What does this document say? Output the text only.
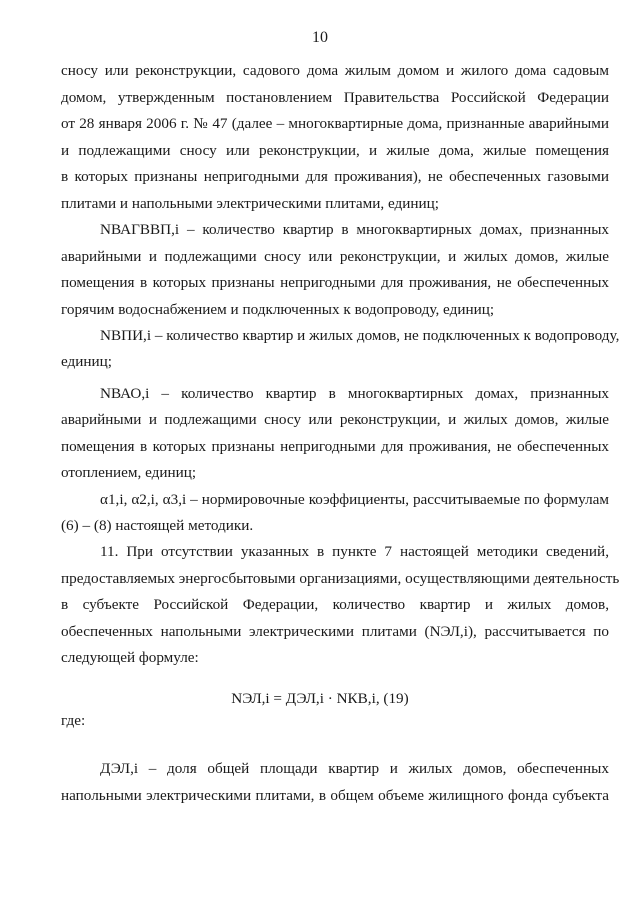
10
сносу или реконструкции, садового дома жилым домом и жилого дома садовым
домом, утвержденным постановлением Правительства Российской Федерации
от 28 января 2006 г. № 47 (далее – многоквартирные дома, признанные аварийными
и подлежащими сносу или реконструкции, и жилые дома, жилые помещения
в которых признаны непригодными для проживания), не обеспеченных газовыми
плитами и напольными электрическими плитами, единиц;
NВАГВВП,i – количество квартир в многоквартирных домах, признанных
аварийными и подлежащими сносу или реконструкции, и жилых домов, жилые
помещения в которых признаны непригодными для проживания, не обеспеченных
горячим водоснабжением и подключенных к водопроводу, единиц;
NВПИ,i – количество квартир и жилых домов, не подключенных к водопроводу,
единиц;
NВАО,i – количество квартир в многоквартирных домах, признанных
аварийными и подлежащими сносу или реконструкции, и жилых домов, жилые
помещения в которых признаны непригодными для проживания, не обеспеченных
отоплением, единиц;
α1,i, α2,i, α3,i – нормировочные коэффициенты, рассчитываемые по формулам
(6) – (8) настоящей методики.
11. При отсутствии указанных в пункте 7 настоящей методики сведений,
предоставляемых энергосбытовыми организациями, осуществляющими деятельность
в субъекте Российской Федерации, количество квартир и жилых домов,
обеспеченных напольными электрическими плитами (NЭЛ,i), рассчитывается по
следующей формуле:
NЭЛ,i = ДЭЛ,i · NКВ,i, (19)
где:
ДЭЛ,i – доля общей площади квартир и жилых домов, обеспеченных
напольными электрическими плитами, в общем объеме жилищного фонда субъекта
